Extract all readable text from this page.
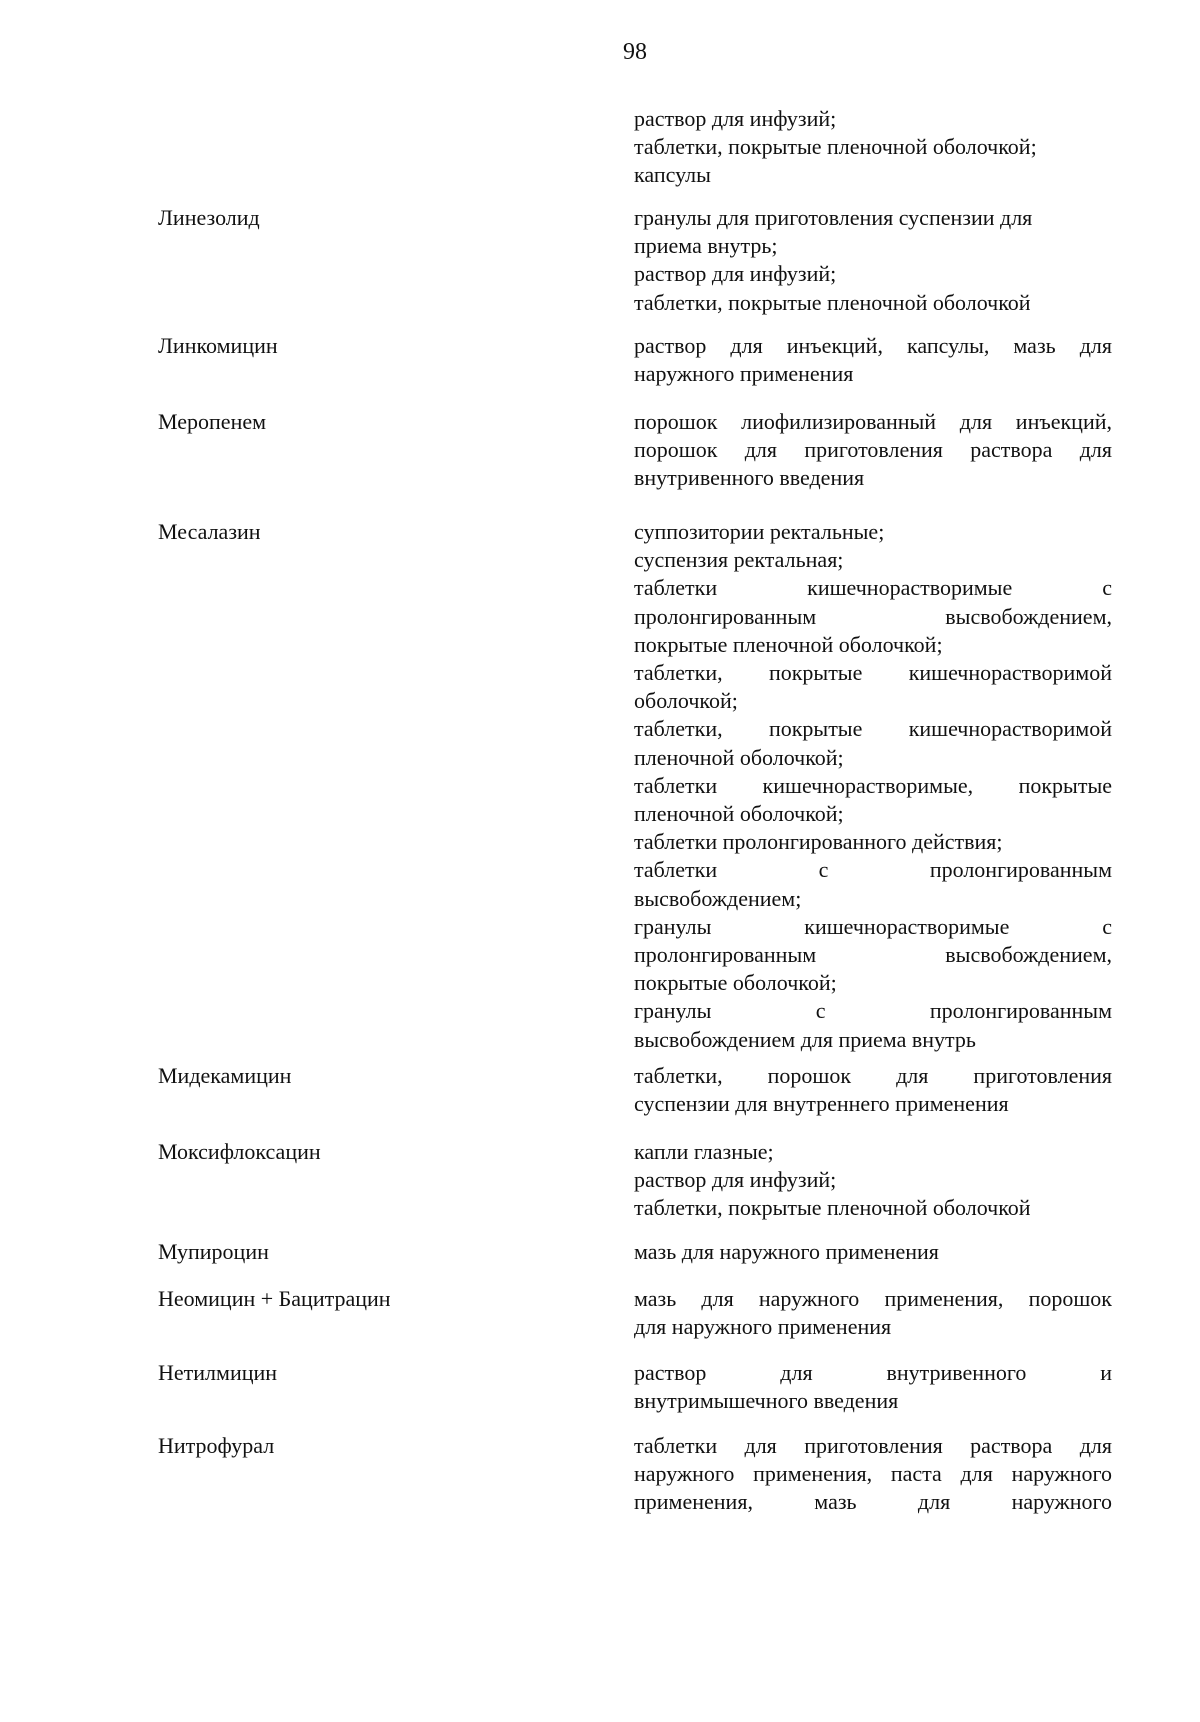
98
раствор для инфузий;
таблетки, покрытые пленочной оболочкой;
капсулы
Линезолид	гранулы для приготовления суспензии для
приема внутрь;
раствор для инфузий;
таблетки, покрытые пленочной оболочкой
Линкомицин	раствор для инъекций, капсулы, мазь для
наружного применения
Меропенем	порошок лиофилизированный для инъекций,
порошок для приготовления раствора для
внутривенного введения
Месалазин	суппозитории ректальные;
суспензия ректальная;
таблетки кишечнорастворимые с
пролонгированным высвобождением,
покрытые пленочной оболочкой;
таблетки, покрытые кишечнорастворимой
оболочкой;
таблетки, покрытые кишечнорастворимой
пленочной оболочкой;
таблетки кишечнорастворимые, покрытые
пленочной оболочкой;
таблетки пролонгированного действия;
таблетки с пролонгированным
высвобождением;
гранулы кишечнорастворимые с
пролонгированным высвобождением,
покрытые оболочкой;
гранулы с пролонгированным
высвобождением для приема внутрь
Мидекамицин	таблетки, порошок для приготовления
суспензии для внутреннего применения
Моксифлоксацин	капли глазные;
раствор для инфузий;
таблетки, покрытые пленочной оболочкой
Мупироцин	мазь для наружного применения
Неомицин + Бацитрацин	мазь для наружного применения, порошок
для наружного применения
Нетилмицин	раствор для внутривенного и
внутримышечного введения
Нитрофурал	таблетки для приготовления раствора для
наружного применения, паста для наружного
применения, мазь для наружного
